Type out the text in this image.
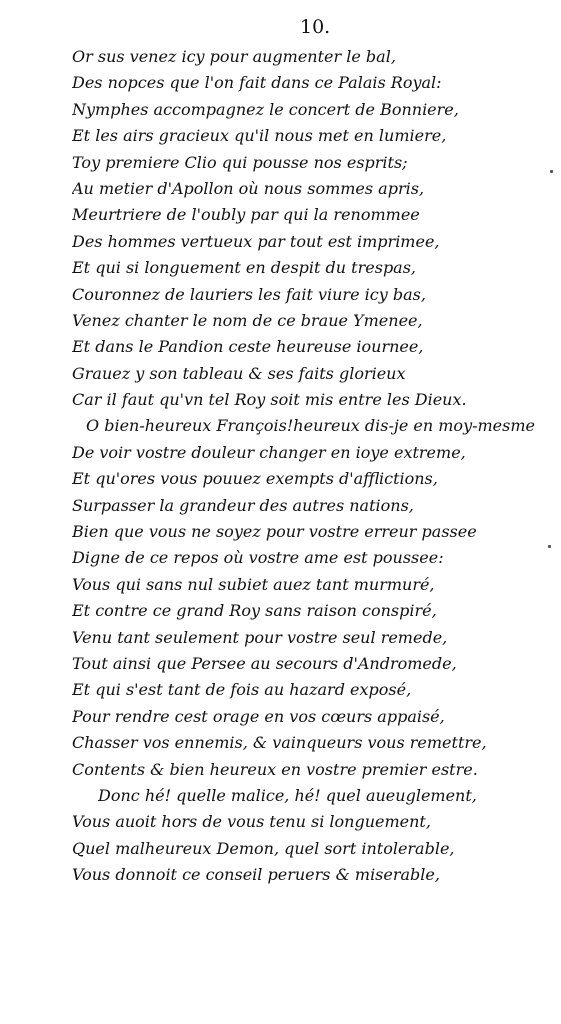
10.
Or sus venez icy pour augmenter le bal,
Des nopces que l'on fait dans ce Palais Royal:
Nymphes accompagnez le concert de Bonniere,
Et les airs gracieux qu'il nous met en lumiere,
Toy premiere Clio qui pousse nos esprits;
Au metier d'Apollon où nous sommes apris,
Meurtriere de l'oubly par qui la renommee
Des hommes vertueux par tout est imprimee,
Et qui si longuement en despit du trespas,
Couronnez de lauriers les fait viure icy bas,
Venez chanter le nom de ce braue Ymenee,
Et dans le Pandion ceste heureuse iournee,
Grauez y son tableau & ses faits glorieux
Car il faut qu'vn tel Roy soit mis entre les Dieux.
O bien-heureux François!heureux dis-je en moy-mesme
De voir vostre douleur changer en ioye extreme,
Et qu'ores vous pouuez exempts d'afflictions,
Surpasser la grandeur des autres nations,
Bien que vous ne soyez pour vostre erreur passee
Digne de ce repos où vostre ame est poussee:
Vous qui sans nul subiet auez tant murmuré,
Et contre ce grand Roy sans raison conspiré,
Venu tant seulement pour vostre seul remede,
Tout ainsi que Persee au secours d'Andromede,
Et qui s'est tant de fois au hazard exposé,
Pour rendre cest orage en vos cœurs appaisé,
Chasser vos ennemis, & vainqueurs vous remettre,
Contents & bien heureux en vostre premier estre.
Donc hé! quelle malice, hé! quel aueuglement,
Vous auoit hors de vous tenu si longuement,
Quel malheureux Demon, quel sort intolerable,
Vous donnoit ce conseil peruers & miserable,
